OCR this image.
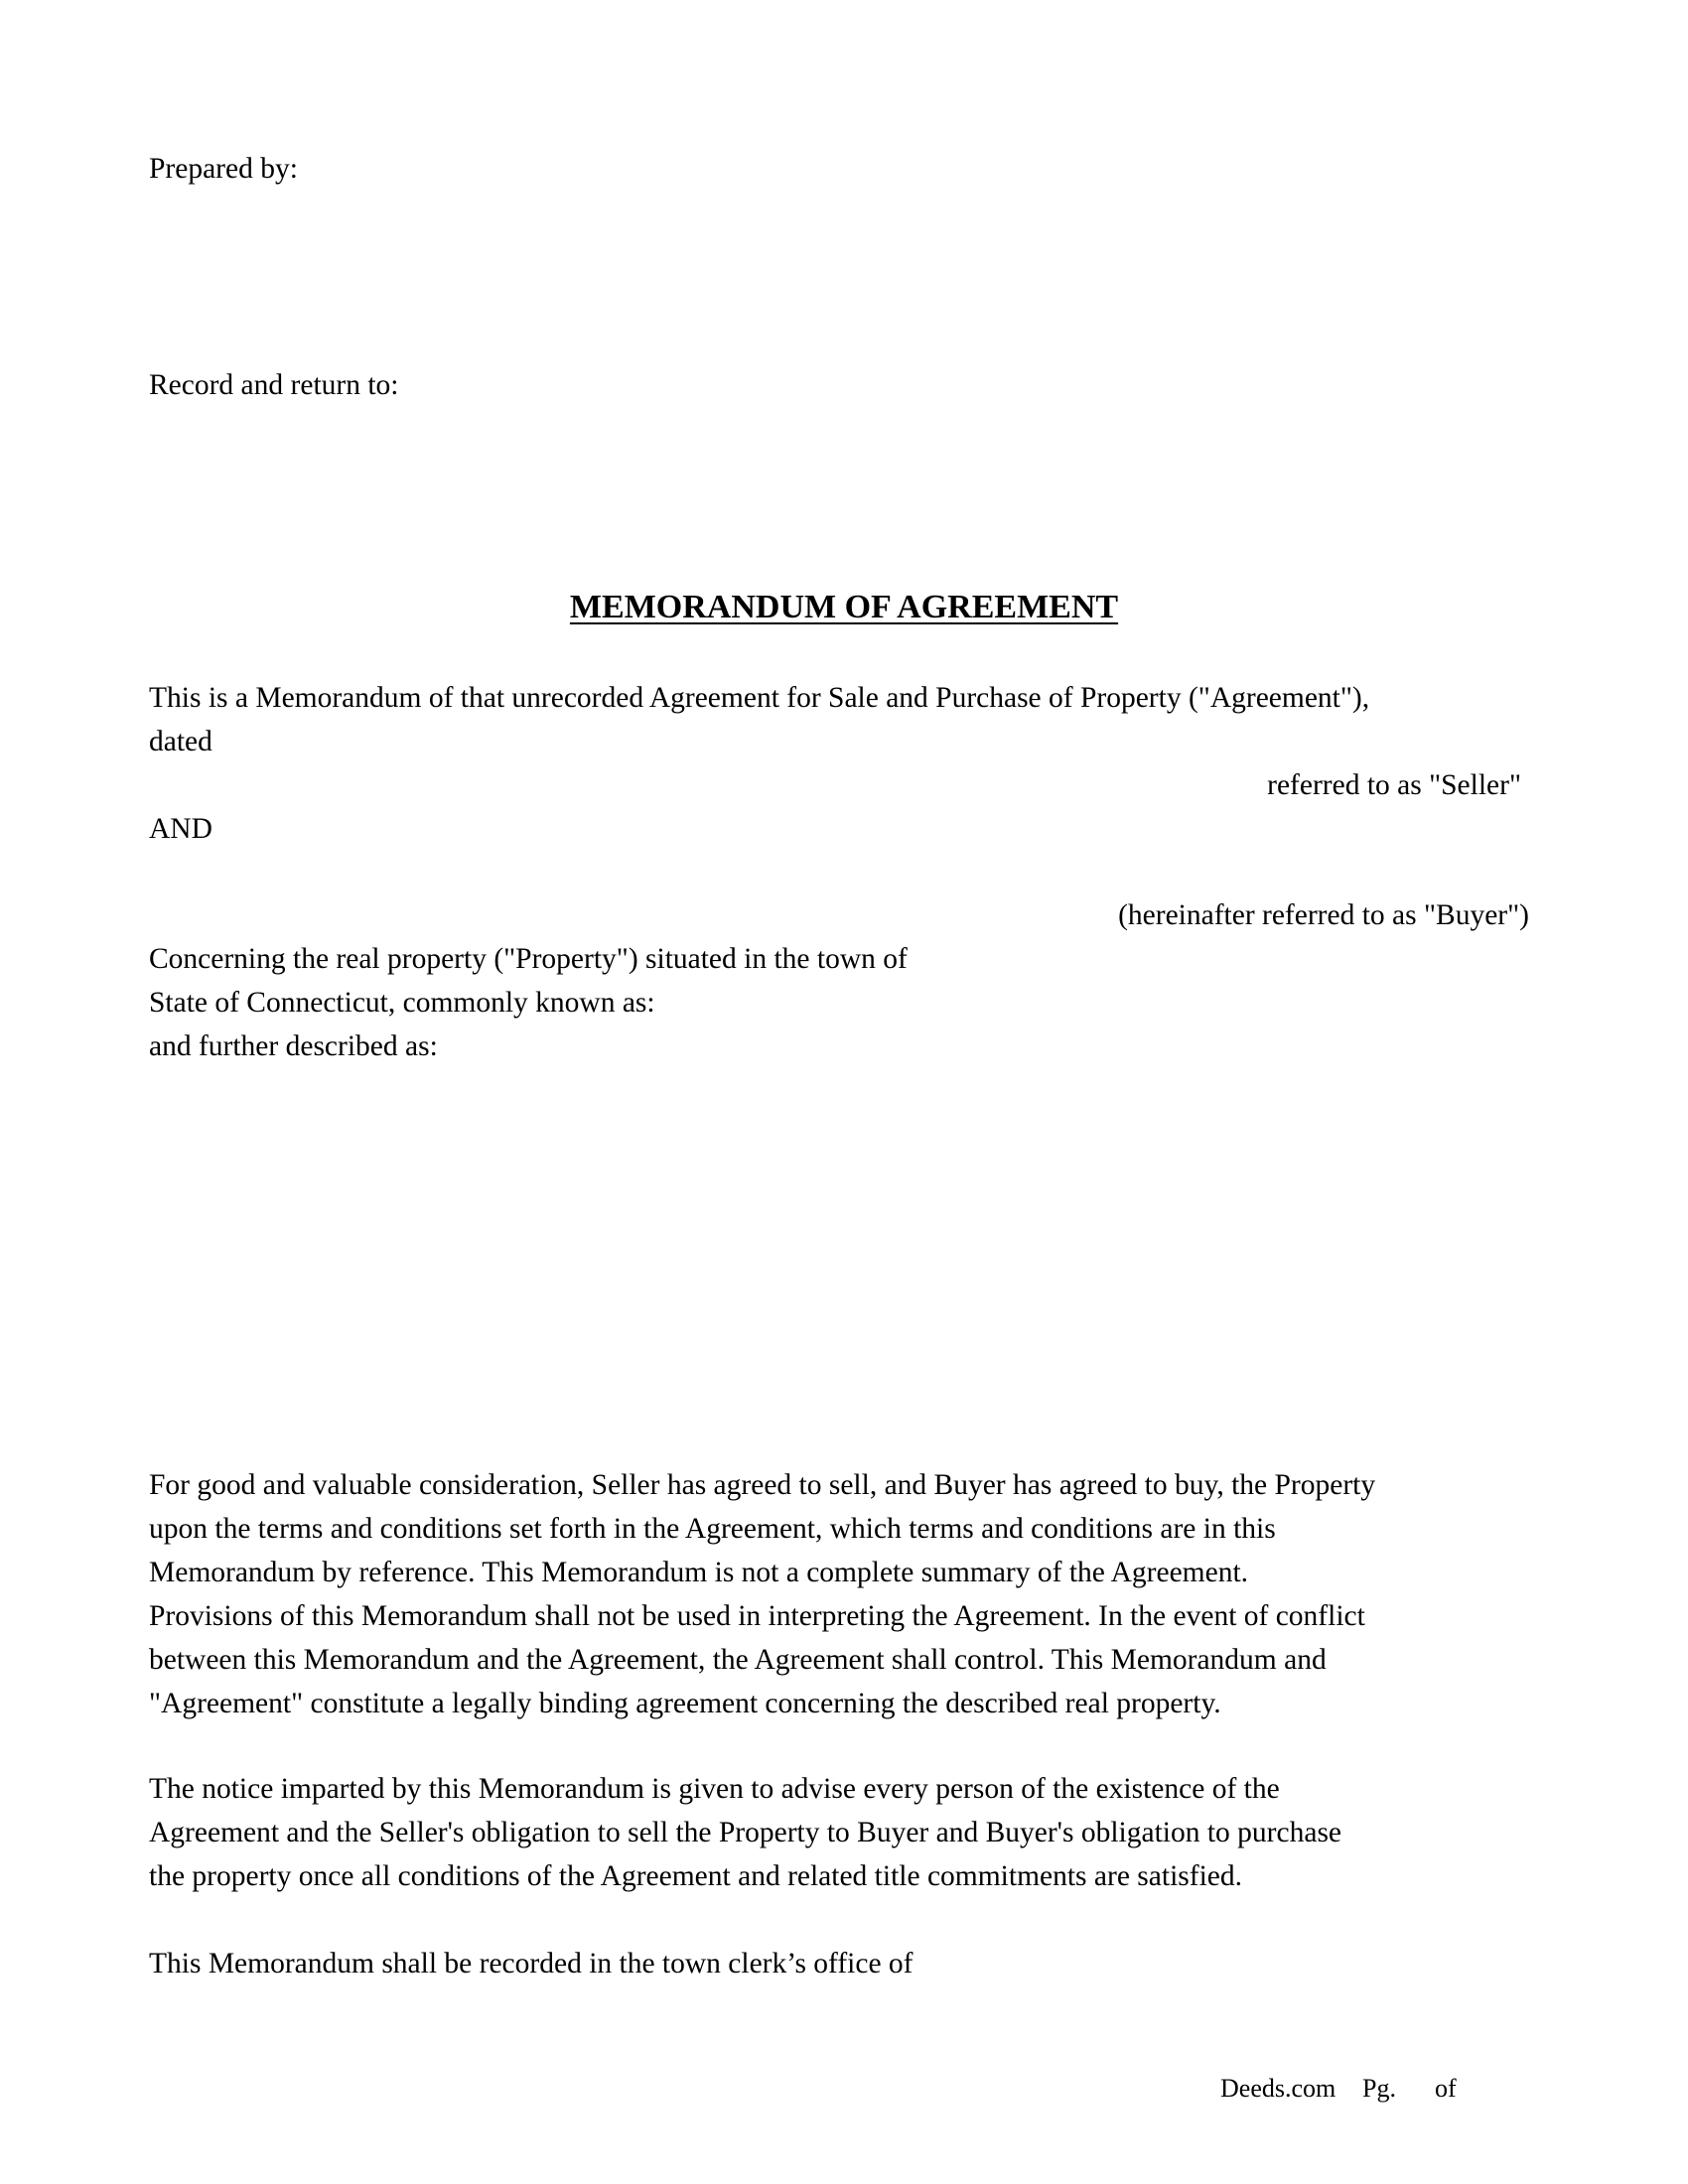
Prepared by:

Record and return to:

MEMORANDUM OF AGREEMENT

This is a Memorandum of that unrecorded Agreement for Sale and Purchase of Property ("Agreement"),

dated

referred to as "Seller"

AND

(hereinafter referred to as "Buyer")

Concerning the real property ("Property") situated in the town of

State of Connecticut, commonly known as:

and further described as:

For good and valuable consideration, Seller has agreed to sell, and Buyer has agreed to buy, the Property
upon the terms and conditions set forth in the Agreement, which terms and conditions are in this
Memorandum by reference. This Memorandum is not a complete summary of the Agreement.
Provisions of this Memorandum shall not be used in interpreting the Agreement. In the event of conflict
between this Memorandum and the Agreement, the Agreement shall control. This Memorandum and
"Agreement" constitute a legally binding agreement concerning the described real property.
The notice imparted by this Memorandum is given to advise every person of the existence of the
Agreement and the Seller's obligation to sell the Property to Buyer and Buyer's obligation to purchase
the property once all conditions of the Agreement and related title commitments are satisfied.

This Memorandum shall be recorded in the town clerk’s office of

Deeds.com Pg. of
